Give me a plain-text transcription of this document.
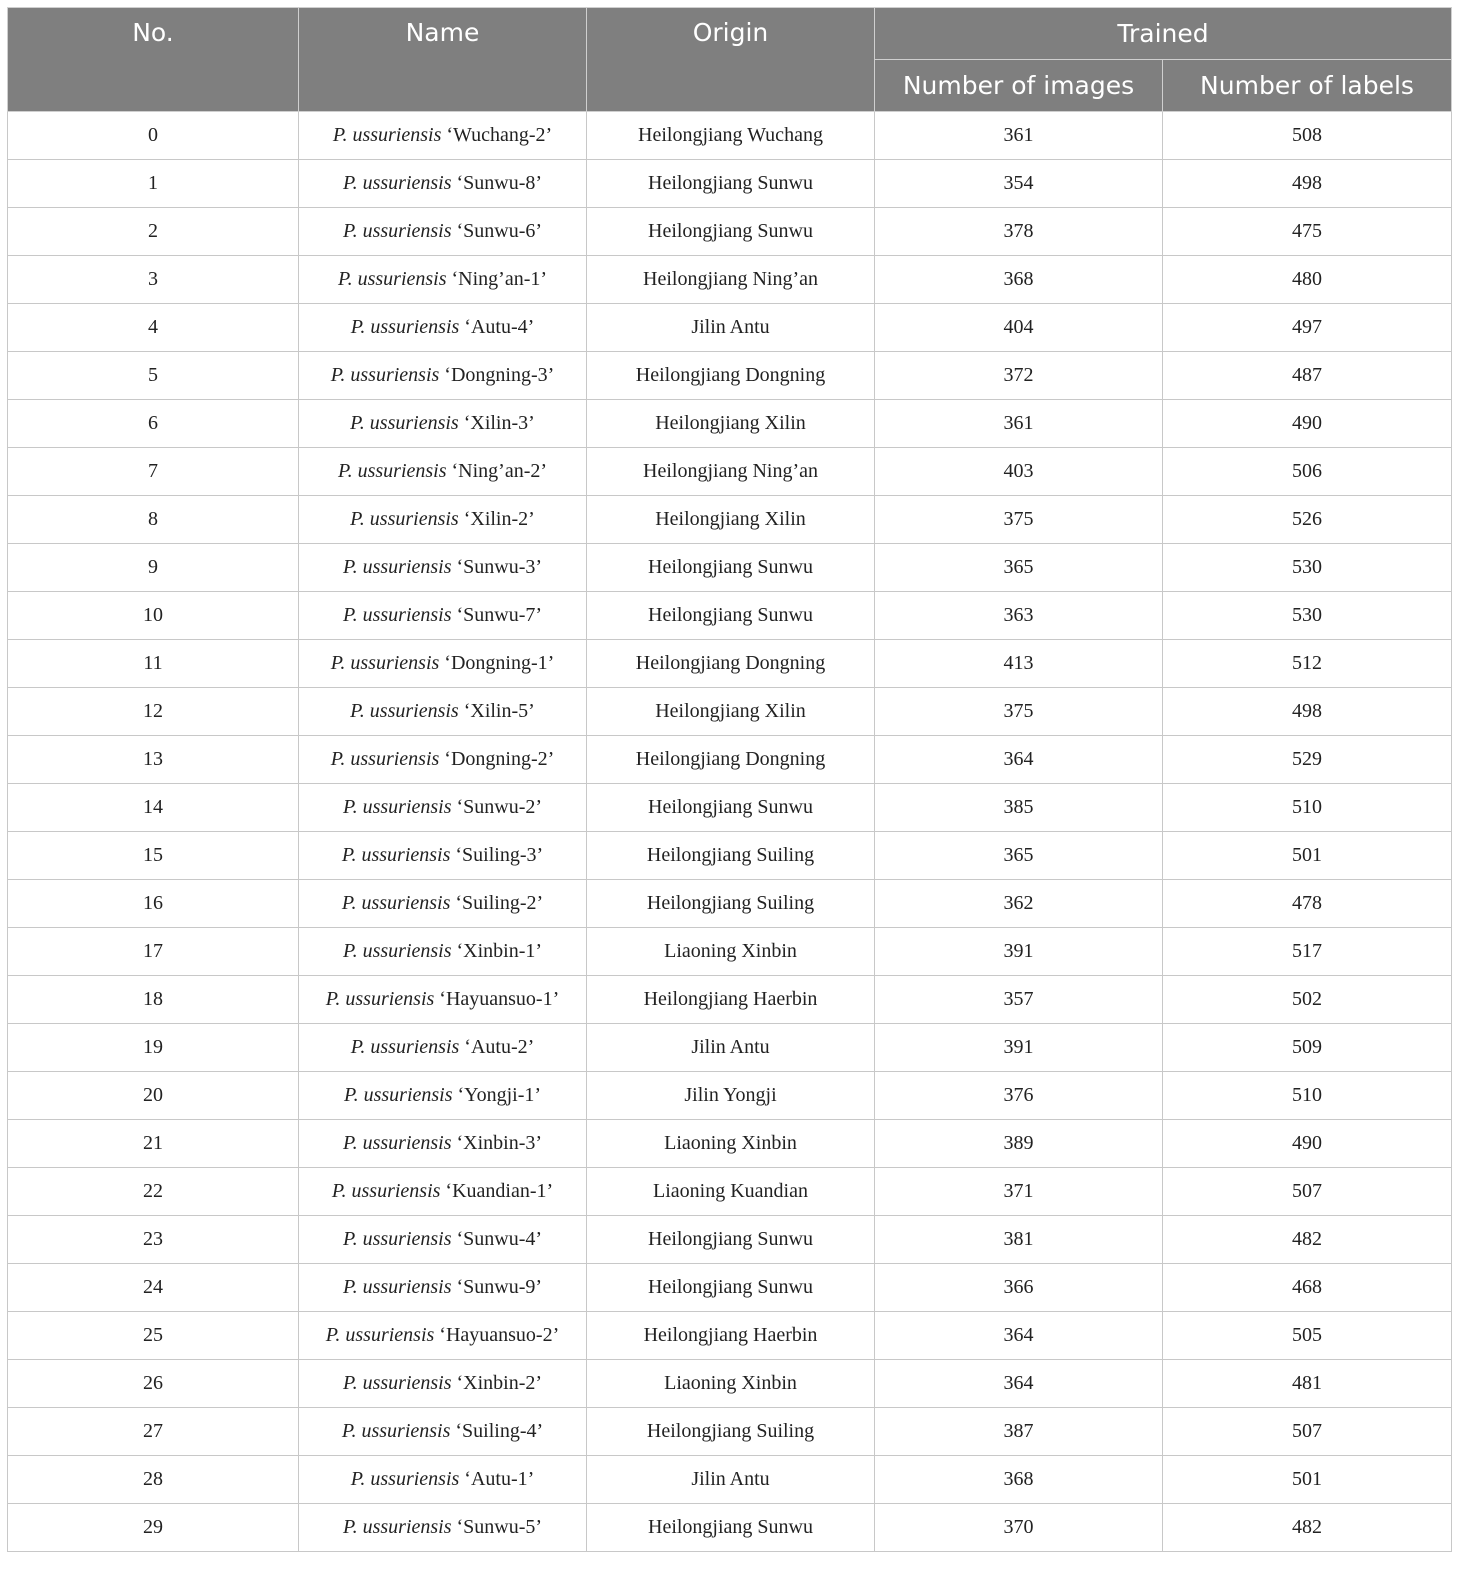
No.	Name	Origin	Trained	
			Number of images	Number of labels
0	P. ussuriensis ‘Wuchang-2’	Heilongjiang Wuchang	361	508
1	P. ussuriensis ‘Sunwu-8’	Heilongjiang Sunwu	354	498
2	P. ussuriensis ‘Sunwu-6’	Heilongjiang Sunwu	378	475
3	P. ussuriensis ‘Ning’an-1’	Heilongjiang Ning’an	368	480
4	P. ussuriensis ‘Autu-4’	Jilin Antu	404	497
5	P. ussuriensis ‘Dongning-3’	Heilongjiang Dongning	372	487
6	P. ussuriensis ‘Xilin-3’	Heilongjiang Xilin	361	490
7	P. ussuriensis ‘Ning’an-2’	Heilongjiang Ning’an	403	506
8	P. ussuriensis ‘Xilin-2’	Heilongjiang Xilin	375	526
9	P. ussuriensis ‘Sunwu-3’	Heilongjiang Sunwu	365	530
10	P. ussuriensis ‘Sunwu-7’	Heilongjiang Sunwu	363	530
11	P. ussuriensis ‘Dongning-1’	Heilongjiang Dongning	413	512
12	P. ussuriensis ‘Xilin-5’	Heilongjiang Xilin	375	498
13	P. ussuriensis ‘Dongning-2’	Heilongjiang Dongning	364	529
14	P. ussuriensis ‘Sunwu-2’	Heilongjiang Sunwu	385	510
15	P. ussuriensis ‘Suiling-3’	Heilongjiang Suiling	365	501
16	P. ussuriensis ‘Suiling-2’	Heilongjiang Suiling	362	478
17	P. ussuriensis ‘Xinbin-1’	Liaoning Xinbin	391	517
18	P. ussuriensis ‘Hayuansuo-1’	Heilongjiang Haerbin	357	502
19	P. ussuriensis ‘Autu-2’	Jilin Antu	391	509
20	P. ussuriensis ‘Yongji-1’	Jilin Yongji	376	510
21	P. ussuriensis ‘Xinbin-3’	Liaoning Xinbin	389	490
22	P. ussuriensis ‘Kuandian-1’	Liaoning Kuandian	371	507
23	P. ussuriensis ‘Sunwu-4’	Heilongjiang Sunwu	381	482
24	P. ussuriensis ‘Sunwu-9’	Heilongjiang Sunwu	366	468
25	P. ussuriensis ‘Hayuansuo-2’	Heilongjiang Haerbin	364	505
26	P. ussuriensis ‘Xinbin-2’	Liaoning Xinbin	364	481
27	P. ussuriensis ‘Suiling-4’	Heilongjiang Suiling	387	507
28	P. ussuriensis ‘Autu-1’	Jilin Antu	368	501
29	P. ussuriensis ‘Sunwu-5’	Heilongjiang Sunwu	370	482
